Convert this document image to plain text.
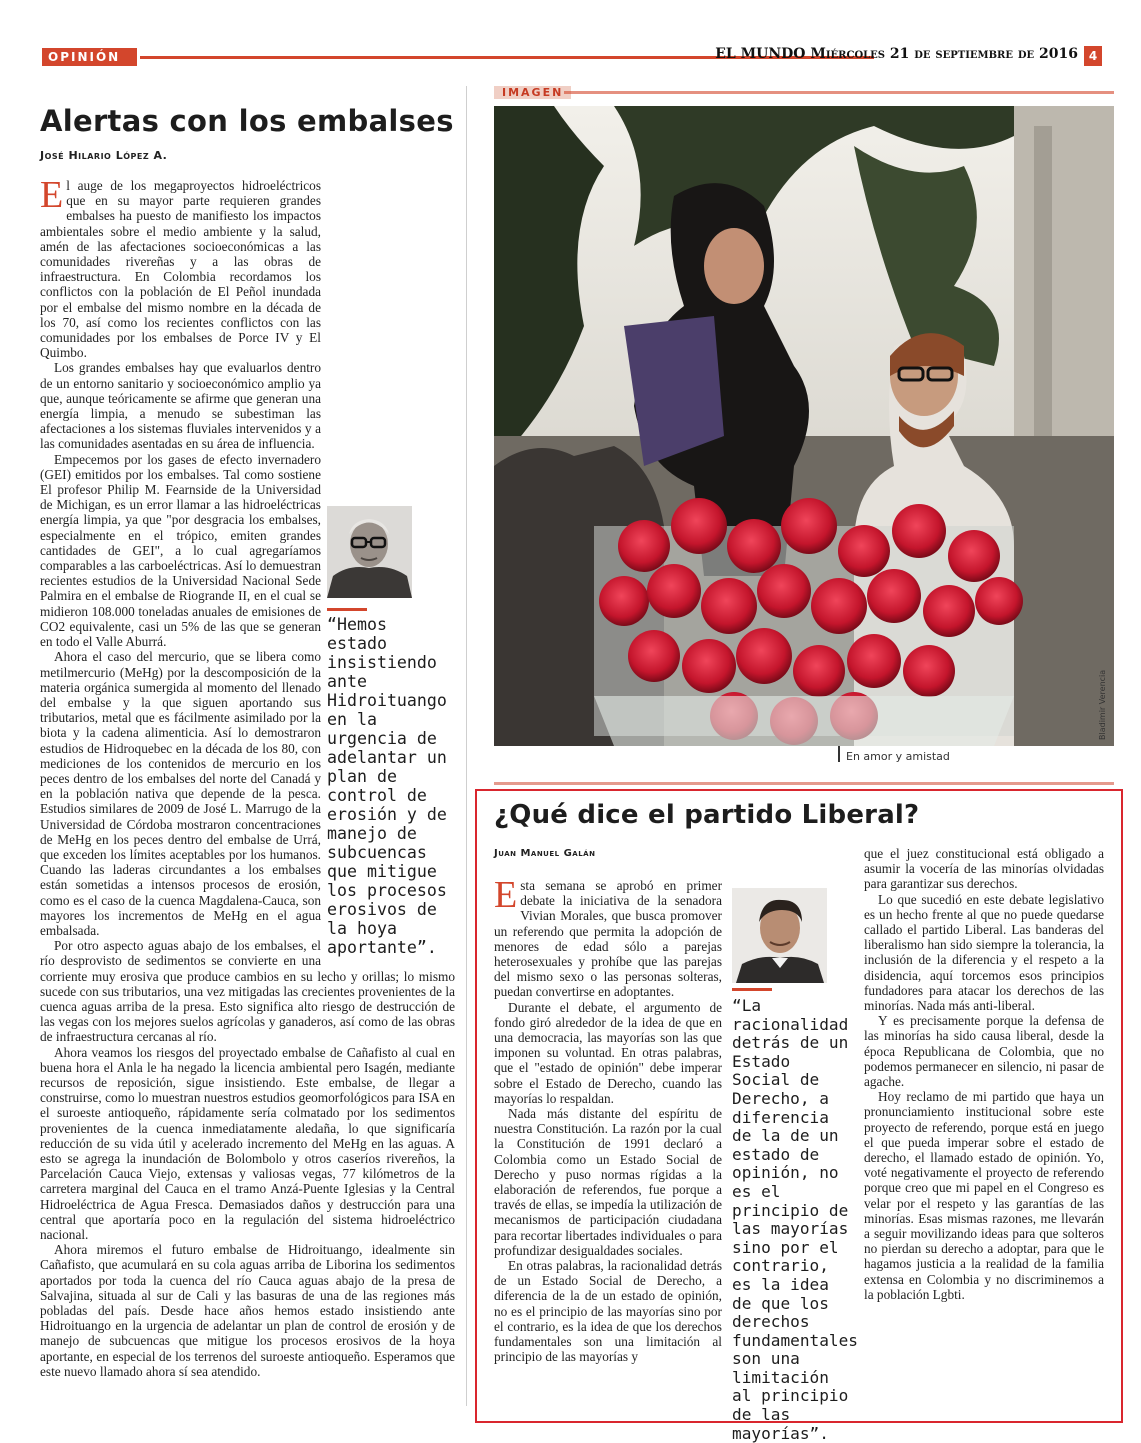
OPINIÓN	EL MUNDO Miércoles 21 de septiembre de 2016 4
Alertas con los embalses
José Hilario López A.
“Hemos estado insistiendo ante Hidroituango en la urgencia de adelantar un plan de control de erosión y de manejo de subcuencas que mitigue los procesos erosivos de la hoya aportante”.

El auge de los megaproyectos hidroeléctricos que en su mayor parte requieren grandes embalses ha puesto de manifiesto los impactos ambientales sobre el medio ambiente y la salud, amén de las afectaciones socioeconómicas a las comunidades rivereñas y a las obras de infraestructura. En Colombia recordamos los conflictos con la población de El Peñol inundada por el embalse del mismo nombre en la década de los 70, así como los recientes conflictos con las comunidades por los embalses de Porce IV y El Quimbo.

Los grandes embalses hay que evaluarlos dentro de un entorno sanitario y socioeconómico amplio ya que, aunque teóricamente se afirme que generan una energía limpia, a menudo se subestiman las afectaciones a los sistemas fluviales intervenidos y a las comunidades asentadas en su área de influencia.

Empecemos por los gases de efecto invernadero (GEI) emitidos por los embalses. Tal como sostiene El profesor Philip M. Fearnside de la Universidad de Michigan, es un error llamar a las hidroeléctricas energía limpia, ya que "por desgracia los embalses, especialmente en el trópico, emiten grandes cantidades de GEI", a lo cual agregaríamos comparables a las carboeléctricas. Así lo demuestran recientes estudios de la Universidad Nacional Sede Palmira en el embalse de Riogrande II, en el cual se midieron 108.000 toneladas anuales de emisiones de CO2 equivalente, casi un 5% de las que se generan en todo el Valle Aburrá.

Ahora el caso del mercurio, que se libera como metilmercurio (MeHg) por la descomposición de la materia orgánica sumergida al momento del llenado del embalse y la que siguen aportando sus tributarios, metal que es fácilmente asimilado por la biota y la cadena alimenticia. Así lo demostraron estudios de Hidroquebec en la década de los 80, con mediciones de los contenidos de mercurio en los peces dentro de los embalses del norte del Canadá y en la población nativa que depende de la pesca. Estudios similares de 2009 de José L. Marrugo de la Universidad de Córdoba mostraron concentraciones de MeHg en los peces dentro del embalse de Urrá, que exceden los límites aceptables por los humanos. Cuando las laderas circundantes a los embalses están sometidas a intensos procesos de erosión, como es el caso de la cuenca Magdalena-Cauca, son mayores los incrementos de MeHg en el agua embalsada.

Por otro aspecto aguas abajo de los embalses, el río desprovisto de sedimentos se convierte en una corriente muy erosiva que produce cambios en su lecho y orillas; lo mismo sucede con sus tributarios, una vez mitigadas las crecientes provenientes de la cuenca aguas arriba de la presa. Esto significa alto riesgo de destrucción de las vegas con los mejores suelos agrícolas y ganaderos, así como de las obras de infraestructura cercanas al río.

Ahora veamos los riesgos del proyectado embalse de Cañafisto al cual en buena hora el Anla le ha negado la licencia ambiental pero Isagén, mediante recursos de reposición, sigue insistiendo. Este embalse, de llegar a construirse, como lo muestran nuestros estudios geomorfológicos para ISA en el suroeste antioqueño, rápidamente sería colmatado por los sedimentos provenientes de la cuenca inmediatamente aledaña, lo que significaría reducción de su vida útil y acelerado incremento del MeHg en las aguas. A esto se agrega la inundación de Bolombolo y otros caseríos rivereños, la Parcelación Cauca Viejo, extensas y valiosas vegas, 77 kilómetros de la carretera marginal del Cauca en el tramo Anzá-Puente Iglesias y la Central Hidroeléctrica de Agua Fresca. Demasiados daños y destrucción para una central que aportaría poco en la regulación del sistema hidroeléctrico nacional.

Ahora miremos el futuro embalse de Hidroituango, idealmente sin Cañafisto, que acumulará en su cola aguas arriba de Liborina los sedimentos aportados por toda la cuenca del río Cauca aguas abajo de la presa de Salvajina, situada al sur de Cali y las basuras de una de las regiones más pobladas del país. Desde hace años hemos estado insistiendo ante Hidroituango en la urgencia de adelantar un plan de control de erosión y de manejo de subcuencas que mitigue los procesos erosivos de la hoya aportante, en especial de los terrenos del suroeste antioqueño. Esperamos que este nuevo llamado ahora sí sea atendido.

IMAGEN
En amor y amistad
Bladimir Verencia
¿Qué dice el partido Liberal?
Juan Manuel Galán

Esta semana se aprobó en primer debate la iniciativa de la senadora Vivian Morales, que busca promover un referendo que permita la adopción de menores de edad sólo a parejas heterosexuales y prohíbe que las parejas del mismo sexo o las personas solteras, puedan convertirse en adoptantes.

Durante el debate, el argumento de fondo giró alrededor de la idea de que en una democracia, las mayorías son las que imponen su voluntad. En otras palabras, que el "estado de opinión" debe imperar sobre el Estado de Derecho, cuando las mayorías lo respaldan.

Nada más distante del espíritu de nuestra Constitución. La razón por la cual la Constitución de 1991 declaró a Colombia como un Estado Social de Derecho y puso normas rígidas a la elaboración de referendos, fue porque a través de ellas, se impedía la utilización de mecanismos de participación ciudadana para recortar libertades individuales o para profundizar desigualdades sociales.

En otras palabras, la racionalidad detrás de un Estado Social de Derecho, a diferencia de la de un estado de opinión, no es el principio de las mayorías sino por el contrario, es la idea de que los derechos fundamentales son una limitación al principio de las mayorías y

“La racionalidad detrás de un Estado Social de Derecho, a diferencia de la de un estado de opinión, no es el principio de las mayorías sino por el contrario, es la idea de que los derechos fundamentales son una limitación al principio de las mayorías”.

que el juez constitucional está obligado a asumir la vocería de las minorías olvidadas para garantizar sus derechos.

Lo que sucedió en este debate legislativo es un hecho frente al que no puede quedarse callado el partido Liberal. Las banderas del liberalismo han sido siempre la tolerancia, la inclusión de la diferencia y el respeto a la disidencia, aquí torcemos esos principios fundadores para atacar los derechos de las minorías. Nada más anti-liberal.

Y es precisamente porque la defensa de las minorías ha sido causa liberal, desde la época Republicana de Colombia, que no podemos permanecer en silencio, ni pasar de agache.

Hoy reclamo de mi partido que haya un pronunciamiento institucional sobre este proyecto de referendo, porque está en juego el que pueda imperar sobre el estado de derecho, el llamado estado de opinión. Yo, voté negativamente el proyecto de referendo porque creo que mi papel en el Congreso es velar por el respeto y las garantías de las minorías. Esas mismas razones, me llevarán a seguir movilizando ideas para que solteros no pierdan su derecho a adoptar, para que le hagamos justicia a la realidad de la familia extensa en Colombia y no discriminemos a la población Lgbti.
